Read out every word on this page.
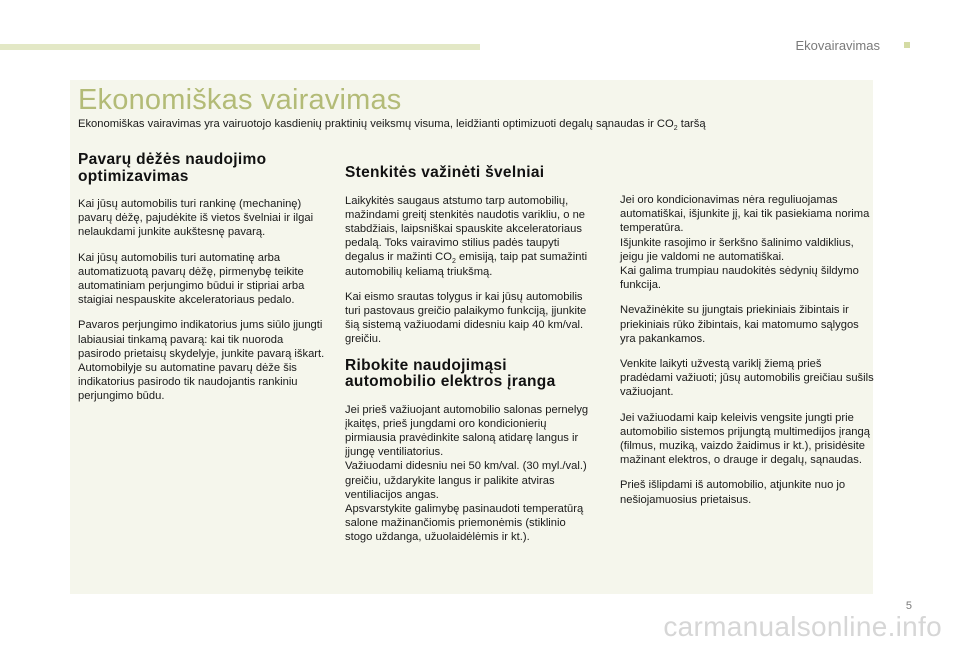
Ekovairavimas
Ekonomiškas vairavimas

Ekonomiškas vairavimas yra vairuotojo kasdienių praktinių veiksmų visuma, leidžianti optimizuoti degalų sąnaudas ir $CO_2$ taršą

Pavarų dėžės naudojimo optimizavimas

Kai jūsų automobilis turi rankinę (mechaninę) pavarų dėžę, pajudėkite iš vietos švelniai ir ilgai nelaukdami junkite aukštesnę pavarą.

Kai jūsų automobilis turi automatinę arba automatizuotą pavarų dėžę, pirmenybę teikite automatiniam perjungimo būdui ir stipriai arba staigiai nespauskite akceleratoriaus pedalo.

Pavaros perjungimo indikatorius jums siūlo įjungti labiausiai tinkamą pavarą: kai tik nuoroda pasirodo prietaisų skydelyje, junkite pavarą iškart.
Automobilyje su automatine pavarų dėže šis indikatorius pasirodo tik naudojantis rankiniu perjungimo būdu.

Stenkitės važinėti švelniai

Laikykitės saugaus atstumo tarp automobilių, mažindami greitį stenkitės naudotis varikliu, o ne stabdžiais, laipsniškai spauskite akceleratoriaus pedalą. Toks vairavimo stilius padės taupyti degalus ir mažinti $CO_2$ emisiją, taip pat sumažinti automobilių keliamą triukšmą.

Kai eismo srautas tolygus ir kai jūsų automobilis turi pastovaus greičio palaikymo funkciją, įjunkite šią sistemą važiuodami didesniu kaip 40 km/val. greičiu.

Ribokite naudojimąsi automobilio elektros įranga

Jei prieš važiuojant automobilio salonas pernelyg įkaitęs, prieš jungdami oro kondicionierių pirmiausia pravėdinkite saloną atidarę langus ir įjungę ventiliatorius.
Važiuodami didesniu nei 50 km/val. (30 myl./val.) greičiu, uždarykite langus ir palikite atviras ventiliacijos angas.
Apsvarstykite galimybę pasinaudoti temperatūrą salone mažinančiomis priemonėmis (stiklinio stogo uždanga, užuolaidėlėmis ir kt.).

Jei oro kondicionavimas nėra reguliuojamas automatiškai, išjunkite jį, kai tik pasiekiama norima temperatūra.
Išjunkite rasojimo ir šerkšno šalinimo valdiklius, jeigu jie valdomi ne automatiškai.
Kai galima trumpiau naudokitės sėdynių šildymo funkcija.

Nevažinėkite su įjungtais priekiniais žibintais ir priekiniais rūko žibintais, kai matomumo sąlygos yra pakankamos.

Venkite laikyti užvestą variklį žiemą prieš pradėdami važiuoti; jūsų automobilis greičiau sušils važiuojant.

Jei važiuodami kaip keleivis vengsite jungti prie automobilio sistemos prijungtą multimedijos įrangą (filmus, muziką, vaizdo žaidimus ir kt.), prisidėsite mažinant elektros, o drauge ir degalų, sąnaudas.

Prieš išlipdami iš automobilio, atjunkite nuo jo nešiojamuosius prietaisus.

5
carmanualsonline.info
